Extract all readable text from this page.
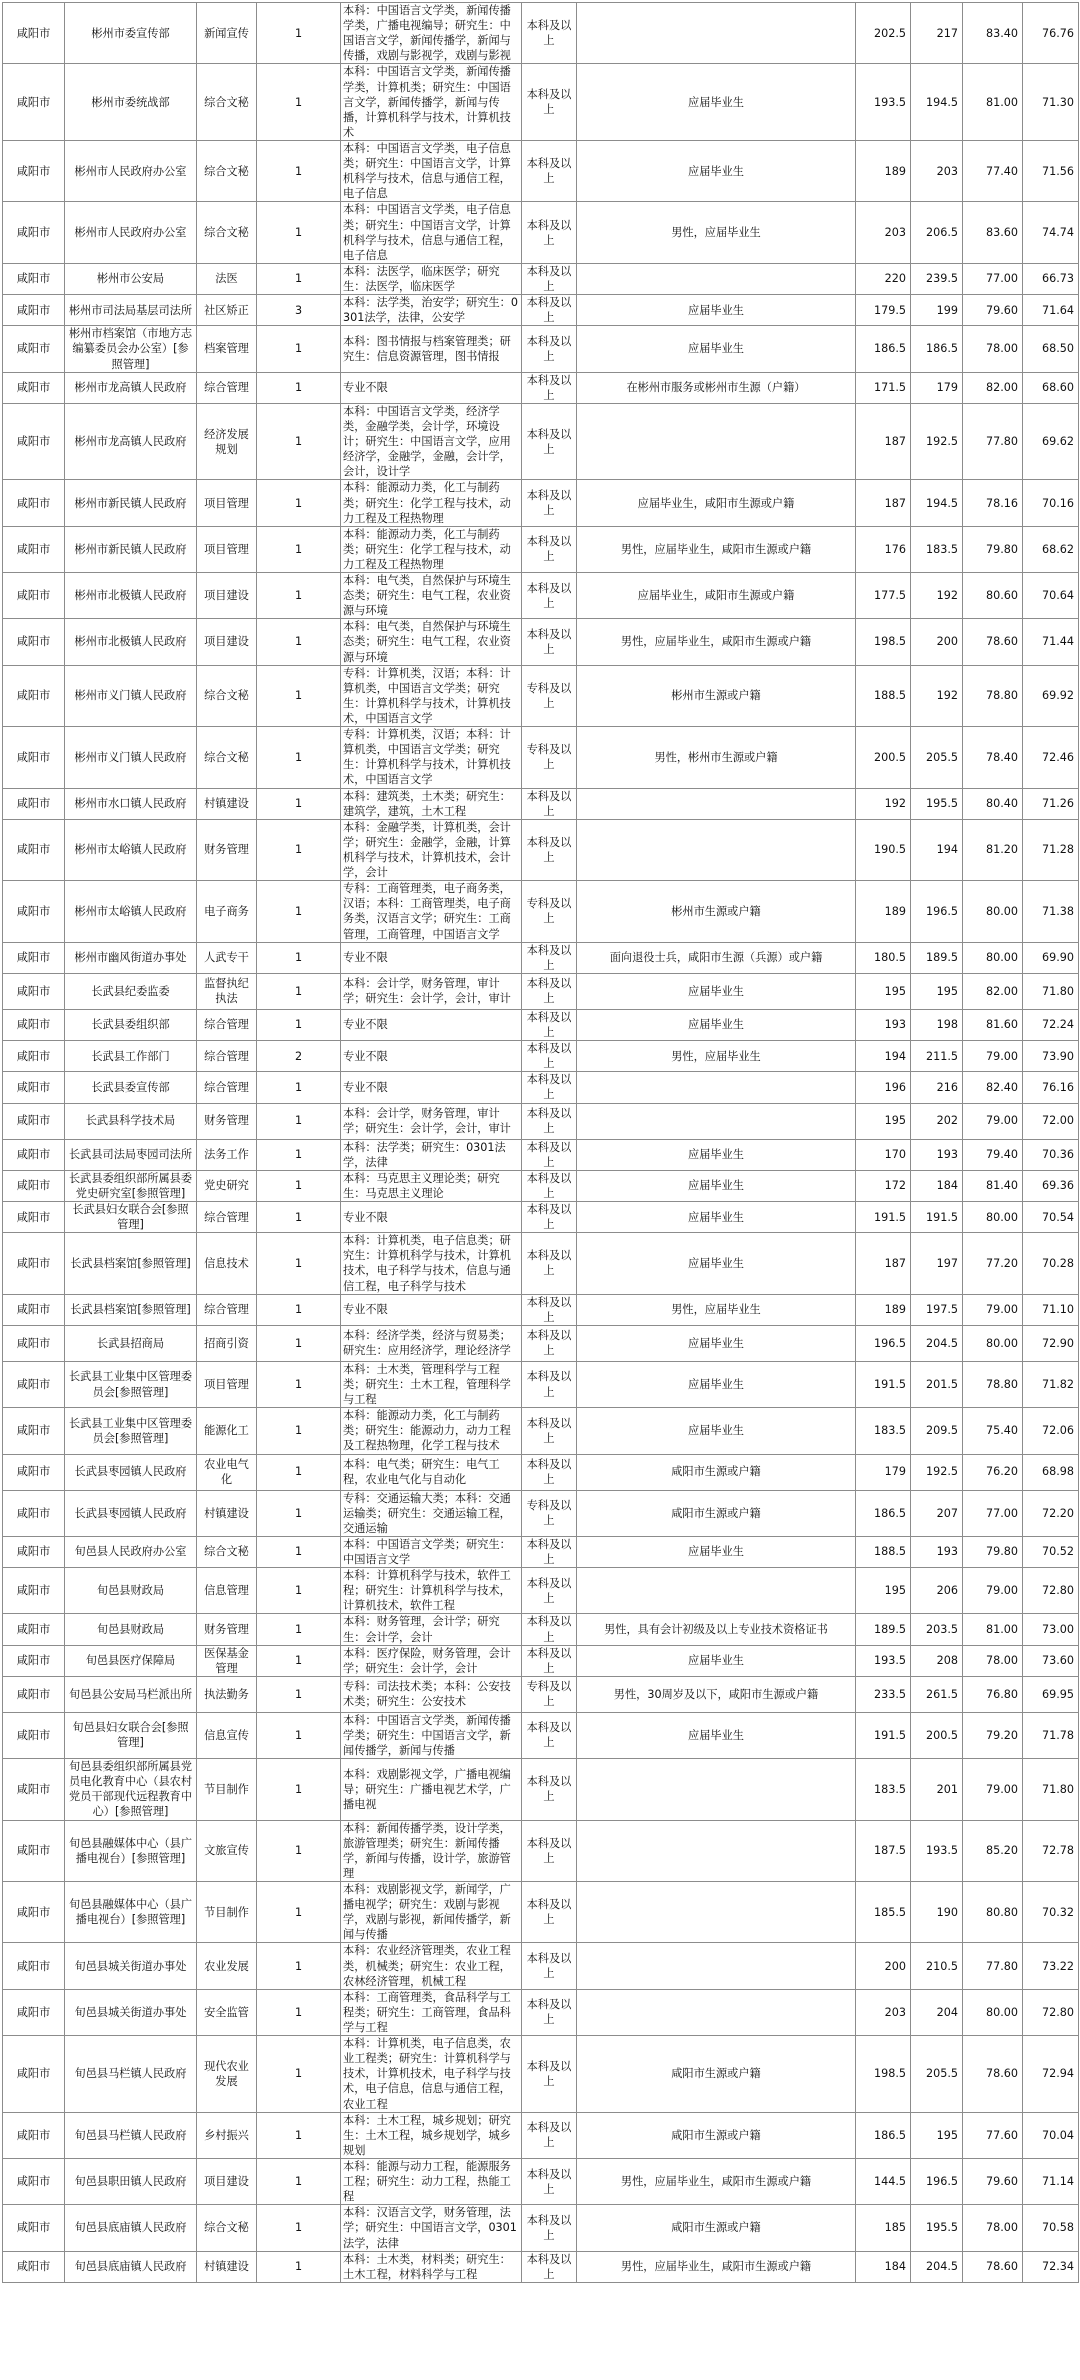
咸阳市	彬州市委宣传部	新闻宣传	1	本科：中国语言文学类，新闻传播学类，广播电视编导；研究生：中国语言文学，新闻传播学，新闻与传播，戏剧与影视学，戏剧与影视	本科及以上		202.5	217	83.40	76.76
咸阳市	彬州市委统战部	综合文秘	1	本科：中国语言文学类，新闻传播学类，计算机类；研究生：中国语言文学，新闻传播学，新闻与传播，计算机科学与技术，计算机技术	本科及以上	应届毕业生	193.5	194.5	81.00	71.30
咸阳市	彬州市人民政府办公室	综合文秘	1	本科：中国语言文学类，电子信息类；研究生：中国语言文学，计算机科学与技术，信息与通信工程，电子信息	本科及以上	应届毕业生	189	203	77.40	71.56
咸阳市	彬州市人民政府办公室	综合文秘	1	本科：中国语言文学类，电子信息类；研究生：中国语言文学，计算机科学与技术，信息与通信工程，电子信息	本科及以上	男性，应届毕业生	203	206.5	83.60	74.74
咸阳市	彬州市公安局	法医	1	本科：法医学，临床医学；研究生：法医学，临床医学	本科及以上		220	239.5	77.00	66.73
咸阳市	彬州市司法局基层司法所	社区矫正	3	本科：法学类，治安学；研究生：0301法学，法律，公安学	本科及以上	应届毕业生	179.5	199	79.60	71.64
咸阳市	彬州市档案馆（市地方志编纂委员会办公室）[参照管理]	档案管理	1	本科：图书情报与档案管理类；研究生：信息资源管理，图书情报	本科及以上	应届毕业生	186.5	186.5	78.00	68.50
咸阳市	彬州市龙高镇人民政府	综合管理	1	专业不限	本科及以上	在彬州市服务或彬州市生源（户籍）	171.5	179	82.00	68.60
咸阳市	彬州市龙高镇人民政府	经济发展规划	1	本科：中国语言文学类，经济学类，金融学类，会计学，环境设计；研究生：中国语言文学，应用经济学，金融学，金融，会计学，会计，设计学	本科及以上		187	192.5	77.80	69.62
咸阳市	彬州市新民镇人民政府	项目管理	1	本科：能源动力类，化工与制药类；研究生：化学工程与技术，动力工程及工程热物理	本科及以上	应届毕业生，咸阳市生源或户籍	187	194.5	78.16	70.16
咸阳市	彬州市新民镇人民政府	项目管理	1	本科：能源动力类，化工与制药类；研究生：化学工程与技术，动力工程及工程热物理	本科及以上	男性，应届毕业生，咸阳市生源或户籍	176	183.5	79.80	68.62
咸阳市	彬州市北极镇人民政府	项目建设	1	本科：电气类，自然保护与环境生态类；研究生：电气工程，农业资源与环境	本科及以上	应届毕业生，咸阳市生源或户籍	177.5	192	80.60	70.64
咸阳市	彬州市北极镇人民政府	项目建设	1	本科：电气类，自然保护与环境生态类；研究生：电气工程，农业资源与环境	本科及以上	男性，应届毕业生，咸阳市生源或户籍	198.5	200	78.60	71.44
咸阳市	彬州市义门镇人民政府	综合文秘	1	专科：计算机类，汉语；本科：计算机类，中国语言文学类；研究生：计算机科学与技术，计算机技术，中国语言文学	专科及以上	彬州市生源或户籍	188.5	192	78.80	69.92
咸阳市	彬州市义门镇人民政府	综合文秘	1	专科：计算机类，汉语；本科：计算机类，中国语言文学类；研究生：计算机科学与技术，计算机技术，中国语言文学	专科及以上	男性，彬州市生源或户籍	200.5	205.5	78.40	72.46
咸阳市	彬州市水口镇人民政府	村镇建设	1	本科：建筑类，土木类；研究生：建筑学，建筑，土木工程	本科及以上		192	195.5	80.40	71.26
咸阳市	彬州市太峪镇人民政府	财务管理	1	本科：金融学类，计算机类，会计学；研究生：金融学，金融，计算机科学与技术，计算机技术，会计学，会计	本科及以上		190.5	194	81.20	71.28
咸阳市	彬州市太峪镇人民政府	电子商务	1	专科：工商管理类，电子商务类，汉语；本科：工商管理类，电子商务类，汉语言文学；研究生：工商管理，工商管理，中国语言文学	专科及以上	彬州市生源或户籍	189	196.5	80.00	71.38
咸阳市	彬州市幽风街道办事处	人武专干	1	专业不限	本科及以上	面向退役士兵，咸阳市生源（兵源）或户籍	180.5	189.5	80.00	69.90
咸阳市	长武县纪委监委	监督执纪执法	1	本科：会计学，财务管理，审计学；研究生：会计学，会计，审计	本科及以上	应届毕业生	195	195	82.00	71.80
咸阳市	长武县委组织部	综合管理	1	专业不限	本科及以上	应届毕业生	193	198	81.60	72.24
咸阳市	长武县工作部门	综合管理	2	专业不限	本科及以上	男性，应届毕业生	194	211.5	79.00	73.90
咸阳市	长武县委宣传部	综合管理	1	专业不限	本科及以上		196	216	82.40	76.16
咸阳市	长武县科学技术局	财务管理	1	本科：会计学，财务管理，审计学；研究生：会计学，会计，审计	本科及以上		195	202	79.00	72.00
咸阳市	长武县司法局枣园司法所	法务工作	1	本科：法学类；研究生：0301法学，法律	本科及以上	应届毕业生	170	193	79.40	70.36
咸阳市	长武县委组织部所属县委党史研究室[参照管理]	党史研究	1	本科：马克思主义理论类；研究生：马克思主义理论	本科及以上	应届毕业生	172	184	81.40	69.36
咸阳市	长武县妇女联合会[参照管理]	综合管理	1	专业不限	本科及以上	应届毕业生	191.5	191.5	80.00	70.54
咸阳市	长武县档案馆[参照管理]	信息技术	1	本科：计算机类，电子信息类；研究生：计算机科学与技术，计算机技术，电子科学与技术，信息与通信工程，电子科学与技术	本科及以上	应届毕业生	187	197	77.20	70.28
咸阳市	长武县档案馆[参照管理]	综合管理	1	专业不限	本科及以上	男性，应届毕业生	189	197.5	79.00	71.10
咸阳市	长武县招商局	招商引资	1	本科：经济学类，经济与贸易类；研究生：应用经济学，理论经济学	本科及以上	应届毕业生	196.5	204.5	80.00	72.90
咸阳市	长武县工业集中区管理委员会[参照管理]	项目管理	1	本科：土木类，管理科学与工程类；研究生：土木工程，管理科学与工程	本科及以上	应届毕业生	191.5	201.5	78.80	71.82
咸阳市	长武县工业集中区管理委员会[参照管理]	能源化工	1	本科：能源动力类，化工与制药类；研究生：能源动力，动力工程及工程热物理，化学工程与技术	本科及以上	应届毕业生	183.5	209.5	75.40	72.06
咸阳市	长武县枣园镇人民政府	农业电气化	1	本科：电气类；研究生：电气工程，农业电气化与自动化	本科及以上	咸阳市生源或户籍	179	192.5	76.20	68.98
咸阳市	长武县枣园镇人民政府	村镇建设	1	专科：交通运输大类；本科：交通运输类；研究生：交通运输工程，交通运输	专科及以上	咸阳市生源或户籍	186.5	207	77.00	72.20
咸阳市	旬邑县人民政府办公室	综合文秘	1	本科：中国语言文学类；研究生：中国语言文学	本科及以上	应届毕业生	188.5	193	79.80	70.52
咸阳市	旬邑县财政局	信息管理	1	本科：计算机科学与技术，软件工程；研究生：计算机科学与技术，计算机技术，软件工程	本科及以上		195	206	79.00	72.80
咸阳市	旬邑县财政局	财务管理	1	本科：财务管理，会计学；研究生：会计学，会计	本科及以上	男性，具有会计初级及以上专业技术资格证书	189.5	203.5	81.00	73.00
咸阳市	旬邑县医疗保障局	医保基金管理	1	本科：医疗保险，财务管理，会计学；研究生：会计学，会计	本科及以上	应届毕业生	193.5	208	78.00	73.60
咸阳市	旬邑县公安局马栏派出所	执法勤务	1	专科：司法技术类；本科：公安技术类；研究生：公安技术	专科及以上	男性，30周岁及以下，咸阳市生源或户籍	233.5	261.5	76.80	69.95
咸阳市	旬邑县妇女联合会[参照管理]	信息宣传	1	本科：中国语言文学类，新闻传播学类；研究生：中国语言文学，新闻传播学，新闻与传播	本科及以上	应届毕业生	191.5	200.5	79.20	71.78
咸阳市	旬邑县委组织部所属县党员电化教育中心（县农村党员干部现代远程教育中心）[参照管理]	节目制作	1	本科：戏剧影视文学，广播电视编导；研究生：广播电视艺术学，广播电视	本科及以上		183.5	201	79.00	71.80
咸阳市	旬邑县融媒体中心（县广播电视台）[参照管理]	文旅宣传	1	本科：新闻传播学类，设计学类，旅游管理类；研究生：新闻传播学，新闻与传播，设计学，旅游管理	本科及以上		187.5	193.5	85.20	72.78
咸阳市	旬邑县融媒体中心（县广播电视台）[参照管理]	节目制作	1	本科：戏剧影视文学，新闻学，广播电视学；研究生：戏剧与影视学，戏剧与影视，新闻传播学，新闻与传播	本科及以上		185.5	190	80.80	70.32
咸阳市	旬邑县城关街道办事处	农业发展	1	本科：农业经济管理类，农业工程类，机械类；研究生：农业工程，农林经济管理，机械工程	本科及以上		200	210.5	77.80	73.22
咸阳市	旬邑县城关街道办事处	安全监管	1	本科：工商管理类，食品科学与工程类；研究生：工商管理，食品科学与工程	本科及以上		203	204	80.00	72.80
咸阳市	旬邑县马栏镇人民政府	现代农业发展	1	本科：计算机类，电子信息类，农业工程类；研究生：计算机科学与技术，计算机技术，电子科学与技术，电子信息，信息与通信工程，农业工程	本科及以上	咸阳市生源或户籍	198.5	205.5	78.60	72.94
咸阳市	旬邑县马栏镇人民政府	乡村振兴	1	本科：土木工程，城乡规划；研究生：土木工程，城乡规划学，城乡规划	本科及以上	咸阳市生源或户籍	186.5	195	77.60	70.04
咸阳市	旬邑县职田镇人民政府	项目建设	1	本科：能源与动力工程，能源服务工程；研究生：动力工程，热能工程	本科及以上	男性，应届毕业生，咸阳市生源或户籍	144.5	196.5	79.60	71.14
咸阳市	旬邑县底庙镇人民政府	综合文秘	1	本科：汉语言文学，财务管理，法学；研究生：中国语言文学，0301法学，法律	本科及以上	咸阳市生源或户籍	185	195.5	78.00	70.58
咸阳市	旬邑县底庙镇人民政府	村镇建设	1	本科：土木类，材料类；研究生：土木工程，材料科学与工程	本科及以上	男性，应届毕业生，咸阳市生源或户籍	184	204.5	78.60	72.34
